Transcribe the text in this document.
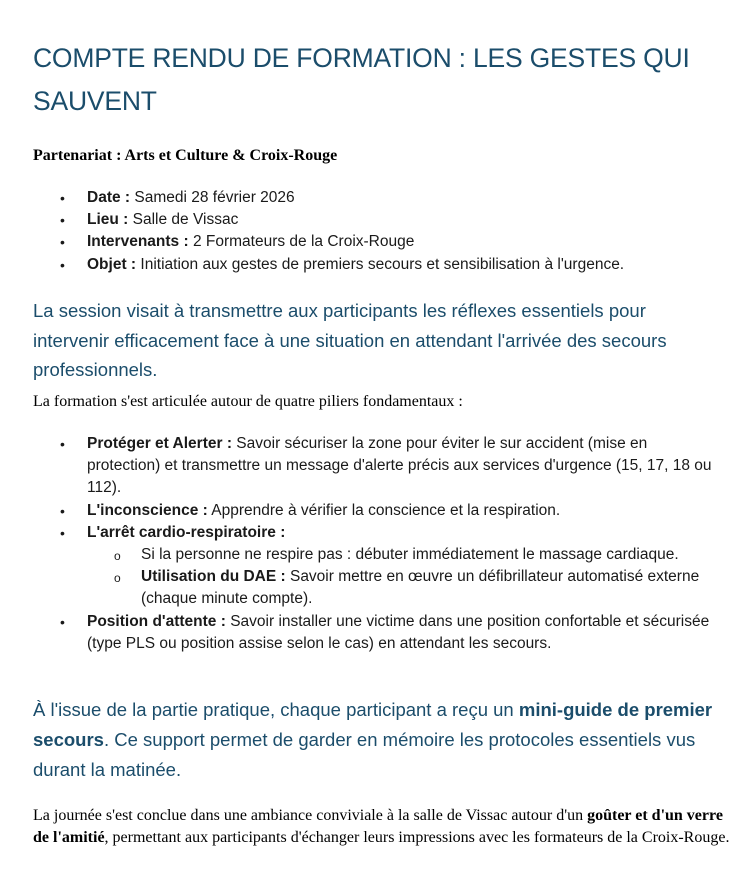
COMPTE RENDU DE FORMATION : LES GESTES QUI SAUVENT

Partenariat : Arts et Culture & Croix-Rouge

• Date : Samedi 28 février 2026
• Lieu : Salle de Vissac
• Intervenants : 2 Formateurs de la Croix-Rouge
• Objet : Initiation aux gestes de premiers secours et sensibilisation à l'urgence.

La session visait à transmettre aux participants les réflexes essentiels pour intervenir efficacement face à une situation en attendant l'arrivée des secours professionnels.

La formation s'est articulée autour de quatre piliers fondamentaux :

• Protéger et Alerter : Savoir sécuriser la zone pour éviter le sur accident (mise en protection) et transmettre un message d'alerte précis aux services d'urgence (15, 17, 18 ou 112).
• L'inconscience : Apprendre à vérifier la conscience et la respiration.
• L'arrêt cardio-respiratoire :
o Si la personne ne respire pas : débuter immédiatement le massage cardiaque.
o Utilisation du DAE : Savoir mettre en œuvre un défibrillateur automatisé externe (chaque minute compte).
• Position d'attente : Savoir installer une victime dans une position confortable et sécurisée (type PLS ou position assise selon le cas) en attendant les secours.

À l'issue de la partie pratique, chaque participant a reçu un mini-guide de premier secours. Ce support permet de garder en mémoire les protocoles essentiels vus durant la matinée.

La journée s'est conclue dans une ambiance conviviale à la salle de Vissac autour d'un goûter et d'un verre de l'amitié, permettant aux participants d'échanger leurs impressions avec les formateurs de la Croix-Rouge.
